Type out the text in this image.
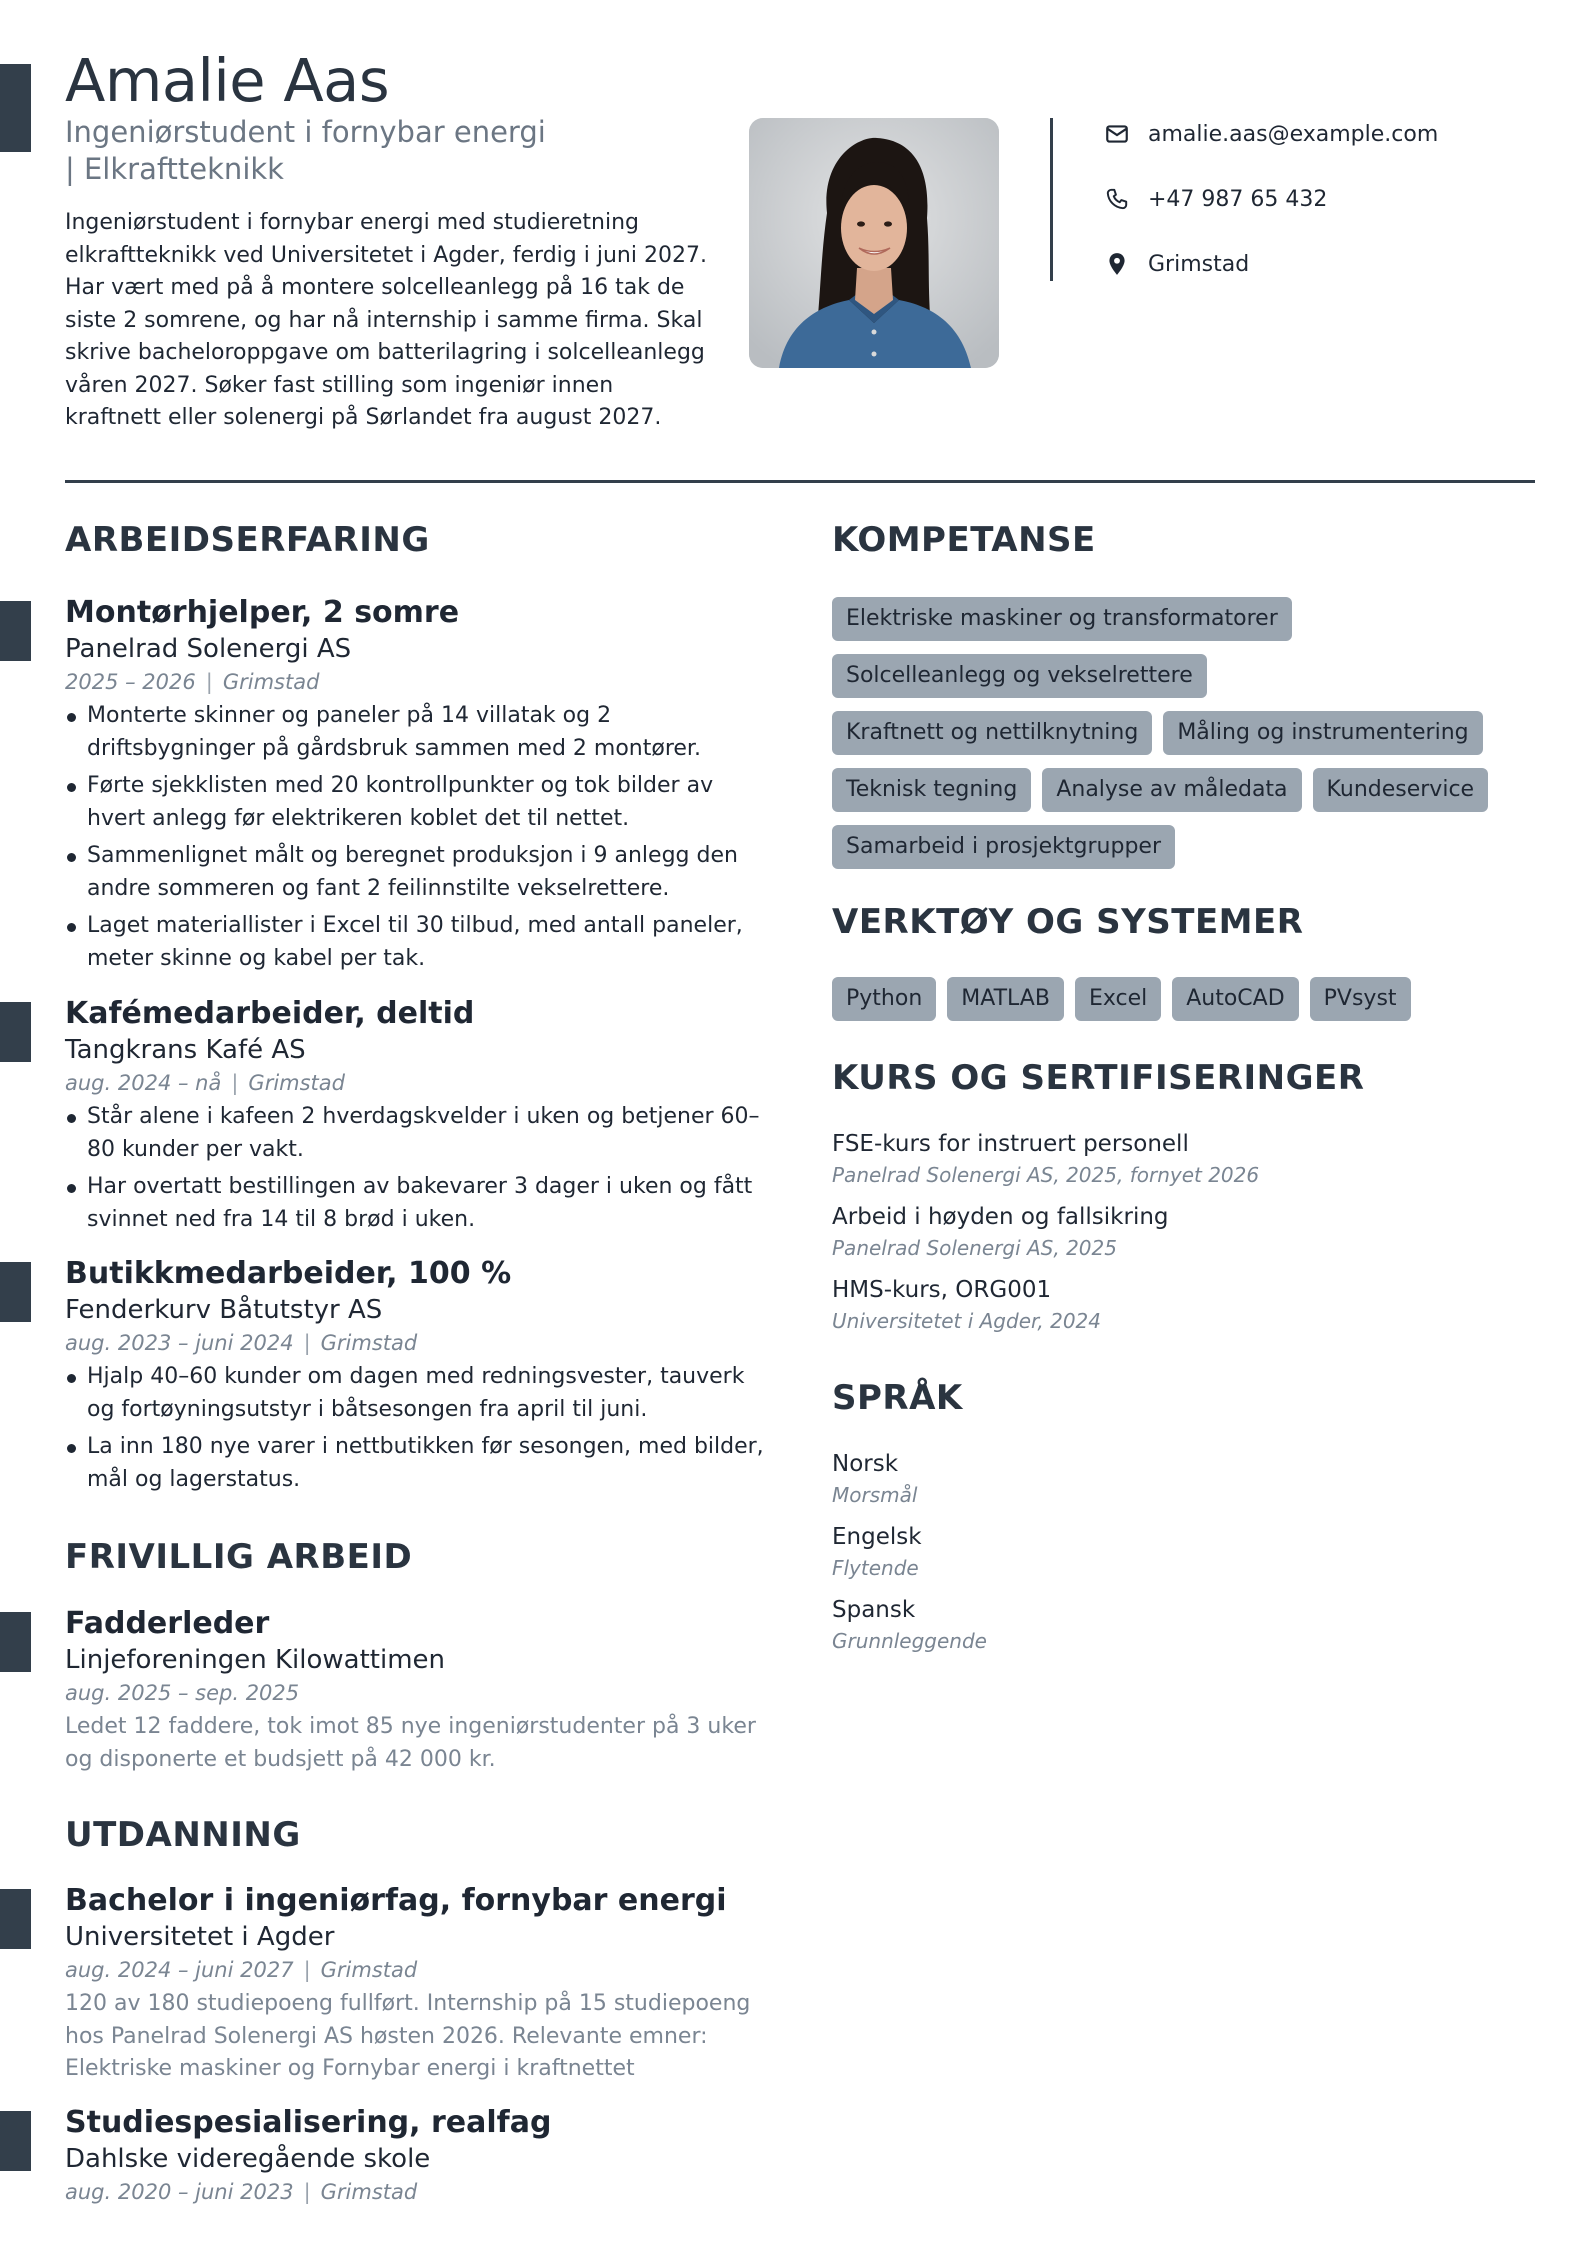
Amalie Aas
Ingeniørstudent i fornybar energi
| Elkraftteknikk

Ingeniørstudent i fornybar energi med studieretning elkraftteknikk ved Universitetet i Agder, ferdig i juni 2027. Har vært med på å montere solcelleanlegg på 16 tak de siste 2 somrene, og har nå internship i samme firma. Skal skrive bacheloroppgave om batterilagring i solcelleanlegg våren 2027. Søker fast stilling som ingeniør innen kraftnett eller solenergi på Sørlandet fra august 2027.

amalie.aas@example.com
+47 987 65 432
Grimstad
ARBEIDSERFARING
Montørhjelper, 2 somre
Panelrad Solenergi AS
2025 – 2026 | Grimstad
Monterte skinner og paneler på 14 villatak og 2 driftsbygninger på gårdsbruk sammen med 2 montører.
Førte sjekklisten med 20 kontrollpunkter og tok bilder av hvert anlegg før elektrikeren koblet det til nettet.
Sammenlignet målt og beregnet produksjon i 9 anlegg den andre sommeren og fant 2 feilinnstilte vekselrettere.
Laget materiallister i Excel til 30 tilbud, med antall paneler, meter skinne og kabel per tak.
Kafémedarbeider, deltid
Tangkrans Kafé AS
aug. 2024 – nå | Grimstad
Står alene i kafeen 2 hverdagskvelder i uken og betjener 60–80 kunder per vakt.
Har overtatt bestillingen av bakevarer 3 dager i uken og fått svinnet ned fra 14 til 8 brød i uken.
Butikkmedarbeider, 100 %
Fenderkurv Båtutstyr AS
aug. 2023 – juni 2024 | Grimstad
Hjalp 40–60 kunder om dagen med redningsvester, tauverk og fortøyningsutstyr i båtsesongen fra april til juni.
La inn 180 nye varer i nettbutikken før sesongen, med bilder, mål og lagerstatus.
FRIVILLIG ARBEID
Fadderleder
Linjeforeningen Kilowattimen
aug. 2025 – sep. 2025
Ledet 12 faddere, tok imot 85 nye ingeniørstudenter på 3 uker og disponerte et budsjett på 42 000 kr.
UTDANNING
Bachelor i ingeniørfag, fornybar energi
Universitetet i Agder
aug. 2024 – juni 2027 | Grimstad
120 av 180 studiepoeng fullført. Internship på 15 studiepoeng hos Panelrad Solenergi AS høsten 2026. Relevante emner: Elektriske maskiner og Fornybar energi i kraftnettet
Studiespesialisering, realfag
Dahlske videregående skole
aug. 2020 – juni 2023 | Grimstad
KOMPETANSE
Elektriske maskiner og transformatorer
Solcelleanlegg og vekselrettere
Kraftnett og nettilknytning	Måling og instrumentering
Teknisk tegning	Analyse av måledata	Kundeservice
Samarbeid i prosjektgrupper
VERKTØY OG SYSTEMER
Python	MATLAB	Excel	AutoCAD	PVsyst
KURS OG SERTIFISERINGER
FSE-kurs for instruert personell
Panelrad Solenergi AS, 2025, fornyet 2026
Arbeid i høyden og fallsikring
Panelrad Solenergi AS, 2025
HMS-kurs, ORG001
Universitetet i Agder, 2024
SPRÅK
Norsk
Morsmål
Engelsk
Flytende
Spansk
Grunnleggende
